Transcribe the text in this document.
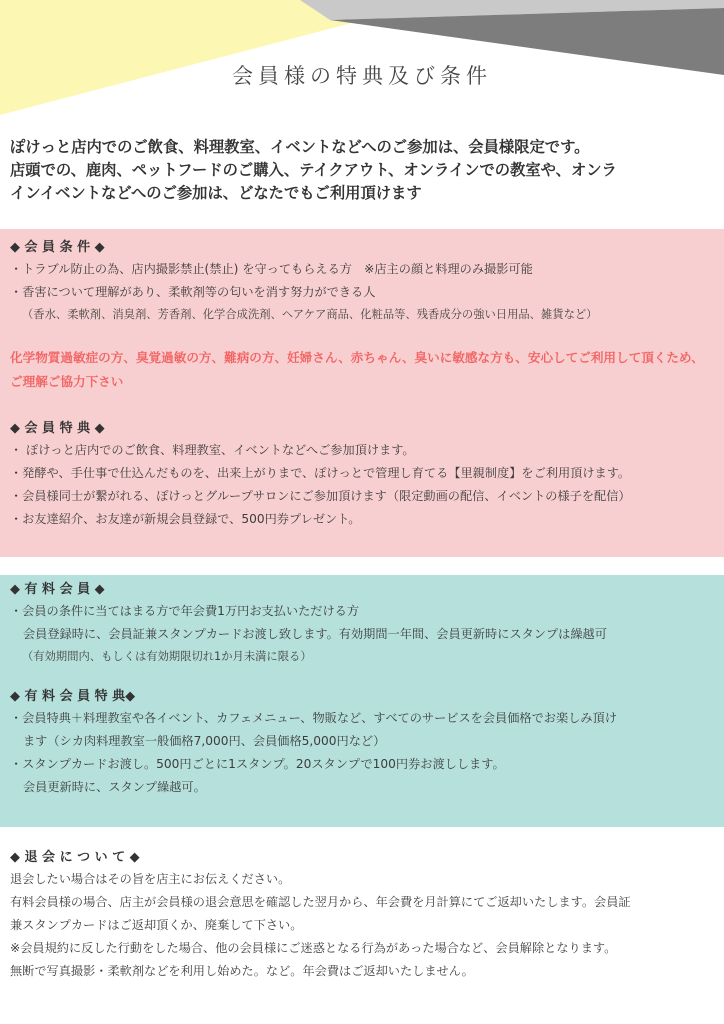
会員様の特典及び条件
ぽけっと店内でのご飲食、料理教室、イベントなどへのご参加は、会員様限定です。
店頭での、鹿肉、ペットフードのご購入、テイクアウト、オンラインでの教室や、オンラ
インイベントなどへのご参加は、どなたでもご利用頂けます
◆ 会 員 条 件 ◆
・トラブル防止の為、店内撮影禁止(禁止) を守ってもらえる方　※店主の顔と料理のみ撮影可能
・香害について理解があり、柔軟剤等の匂いを消す努力ができる人
（香水、柔軟剤、消臭剤、芳香剤、化学合成洗剤、ヘアケア商品、化粧品等、残香成分の強い日用品、雑貨など）
化学物質過敏症の方、臭覚過敏の方、難病の方、妊婦さん、赤ちゃん、臭いに敏感な方も、安心してご利用して頂くため、ご理解ご協力下さい
◆ 会 員 特 典 ◆
・ ぽけっと店内でのご飲食、料理教室、イベントなどへご参加頂けます。
・発酵や、手仕事で仕込んだものを、出来上がりまで、ぽけっとで管理し育てる【里親制度】をご利用頂けます。
・会員様同士が繋がれる、ぽけっとグループサロンにご参加頂けます（限定動画の配信、イベントの様子を配信）
・お友達紹介、お友達が新規会員登録で、500円券プレゼント。
◆ 有 料 会 員 ◆
・会員の条件に当てはまる方で年会費1万円お支払いただける方
会員登録時に、会員証兼スタンプカードお渡し致します。有効期間一年間、会員更新時にスタンプは繰越可
（有効期間内、もしくは有効期限切れ1か月未満に限る）
◆ 有 料 会 員 特 典◆
・会員特典＋料理教室や各イベント、カフェメニュー、物販など、すべてのサービスを会員価格でお楽しみ頂け
ます（シカ肉料理教室一般価格7,000円、会員価格5,000円など）
・スタンプカードお渡し。500円ごとに1スタンプ。20スタンプで100円券お渡しします。
会員更新時に、スタンプ繰越可。
◆ 退 会 に つ い て ◆
退会したい場合はその旨を店主にお伝えください。
有料会員様の場合、店主が会員様の退会意思を確認した翌月から、年会費を月計算にてご返却いたします。会員証
兼スタンプカードはご返却頂くか、廃棄して下さい。
※会員規約に反した行動をした場合、他の会員様にご迷惑となる行為があった場合など、会員解除となります。
無断で写真撮影・柔軟剤などを利用し始めた。など。年会費はご返却いたしません。
